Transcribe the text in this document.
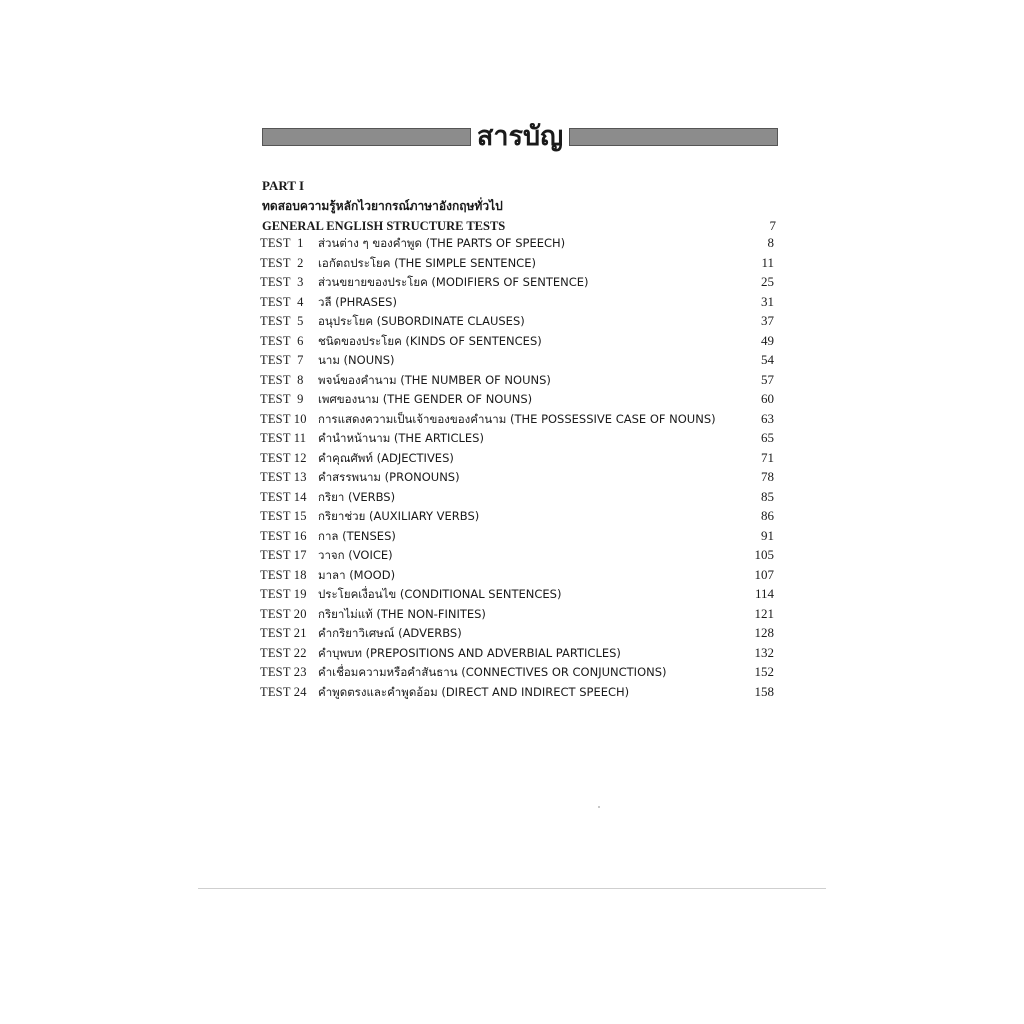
สารบัญ
PART I
ทดสอบความรู้หลักไวยากรณ์ภาษาอังกฤษทั่วไป
GENERAL ENGLISH STRUCTURE TESTS	7
TEST  1	ส่วนต่าง ๆ ของคำพูด (THE PARTS OF SPEECH)	8
TEST  2	เอกัตถประโยค (THE SIMPLE SENTENCE)	11
TEST  3	ส่วนขยายของประโยค (MODIFIERS OF SENTENCE)	25
TEST  4	วลี (PHRASES)	31
TEST  5	อนุประโยค (SUBORDINATE CLAUSES)	37
TEST  6	ชนิดของประโยค (KINDS OF SENTENCES)	49
TEST  7	นาม (NOUNS)	54
TEST  8	พจน์ของคำนาม (THE NUMBER OF NOUNS)	57
TEST  9	เพศของนาม (THE GENDER OF NOUNS)	60
TEST 10 การแสดงความเป็นเจ้าของของคำนาม (THE POSSESSIVE CASE OF NOUNS)	63
TEST 11	คำนำหน้านาม (THE ARTICLES)	65
TEST 12 คำคุณศัพท์ (ADJECTIVES)	71
TEST 13 คำสรรพนาม (PRONOUNS)	78
TEST 14 กริยา (VERBS)	85
TEST 15 กริยาช่วย (AUXILIARY VERBS)	86
TEST 16 กาล (TENSES)	91
TEST 17 วาจก (VOICE)	105
TEST 18 มาลา (MOOD)	107
TEST 19 ประโยคเงื่อนไข (CONDITIONAL SENTENCES)	114
TEST 20 กริยาไม่แท้ (THE NON-FINITES)	121
TEST 21 คำกริยาวิเศษณ์ (ADVERBS)	128
TEST 22 คำบุพบท (PREPOSITIONS AND ADVERBIAL PARTICLES)	132
TEST 23 คำเชื่อมความหรือคำสันธาน (CONNECTIVES OR CONJUNCTIONS)	152
TEST 24 คำพูดตรงและคำพูดอ้อม (DIRECT AND INDIRECT SPEECH)	158
